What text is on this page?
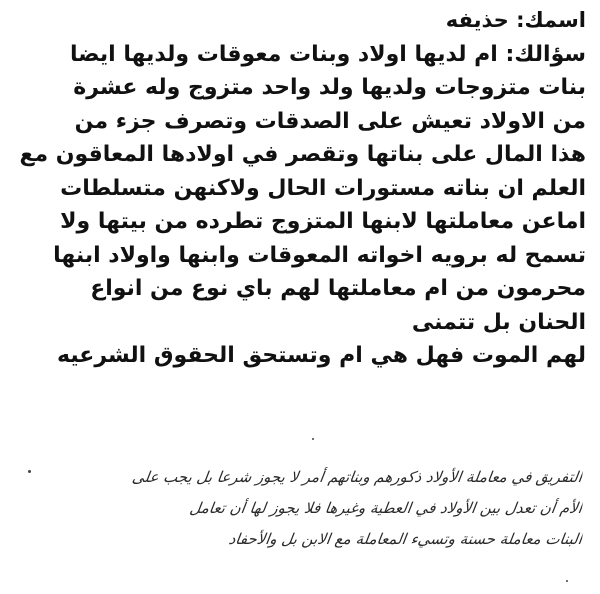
اسمك: حذيفه
سؤالك: ام لديها اولاد وبنات معوقات ولديها ايضا
بنات متزوجات ولديها ولد واحد متزوج وله عشرة
من الاولاد تعيش على الصدقات وتصرف جزء من
هذا المال على بناتها وتقصر في اولادها المعاقون مع
العلم ان بناته مستورات الحال ولاكنهن متسلطات
اماعن معاملتها لابنها المتزوج تطرده من بيتها ولا
تسمح له برويه اخواته المعوقات وابنها واولاد ابنها
محرمون من ام معاملتها لهم باي نوع من انواع
الحنان بل تتمنى
لهم الموت فهل هي ام وتستحق الحقوق الشرعيه
التفريق في معاملة الأولاد ذكورهم وبناتهم أمر لا يجوز شرعا بل يجب على
الأم أن تعدل بين الأولاد في العطية وغيرها فلا يجوز لها أن تعامل
البنات معاملة حسنة وتسيء المعاملة مع الابن بل والأحفاد
